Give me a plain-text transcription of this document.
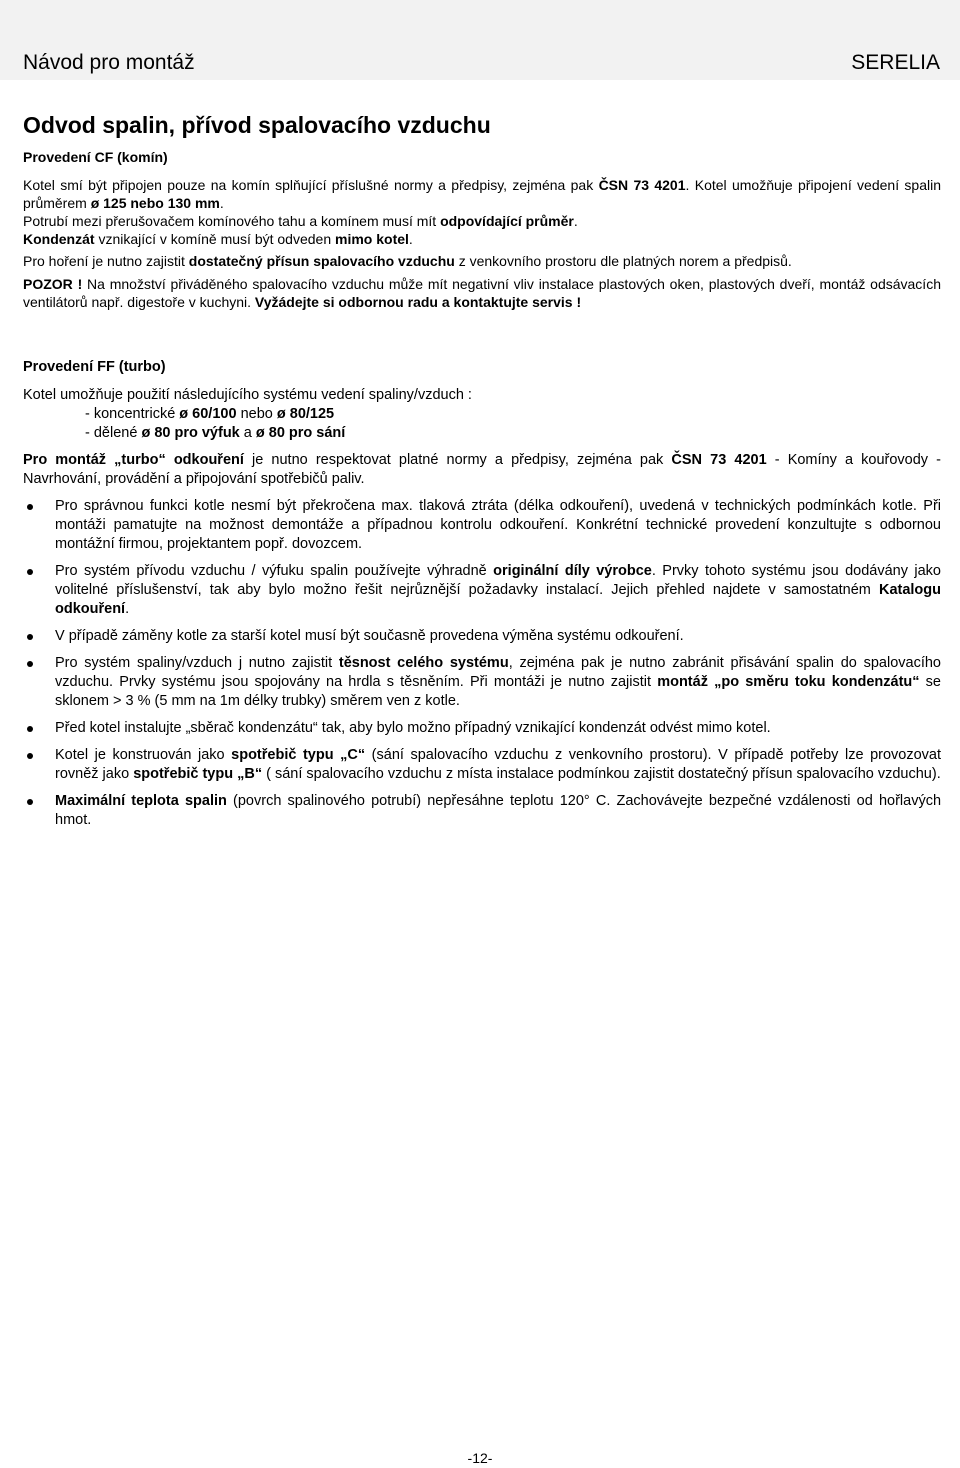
Návod pro montáž	SERELIA
Odvod spalin, přívod spalovacího vzduchu

Provedení CF (komín)

Kotel smí být připojen pouze na komín splňující příslušné normy a předpisy, zejména pak ČSN 73 4201. Kotel umožňuje připojení vedení spalin průměrem ø 125 nebo 130 mm.

Potrubí mezi přerušovačem komínového tahu a komínem musí mít odpovídající průměr.

Kondenzát vznikající v komíně musí být odveden mimo kotel.

Pro hoření je nutno zajistit dostatečný přísun spalovacího vzduchu z venkovního prostoru dle platných norem a předpisů.

POZOR ! Na množství přiváděného spalovacího vzduchu může mít negativní vliv instalace plastových oken, plastových dveří, montáž odsávacích ventilátorů např. digestoře v kuchyni. Vyžádejte si odbornou radu a kontaktujte servis !

Provedení FF (turbo)

Kotel umožňuje použití následujícího systému vedení spaliny/vzduch :

- koncentrické ø 60/100 nebo ø 80/125

- dělené ø 80 pro výfuk a ø 80 pro sání

Pro montáž „turbo“ odkouření je nutno respektovat platné normy a předpisy, zejména pak ČSN 73 4201 - Komíny a kouřovody - Navrhování, provádění a připojování spotřebičů paliv.

Pro správnou funkci kotle nesmí být překročena max. tlaková ztráta (délka odkouření), uvedená v technických podmínkách kotle. Při montáži pamatujte na možnost demontáže a případnou kontrolu odkouření. Konkrétní technické provedení konzultujte s odbornou montážní firmou, projektantem popř. dovozcem.
Pro systém přívodu vzduchu / výfuku spalin používejte výhradně originální díly výrobce. Prvky tohoto systému jsou dodávány jako volitelné příslušenství, tak aby bylo možno řešit nejrůznější požadavky instalací. Jejich přehled najdete v samostatném Katalogu odkouření.
V případě záměny kotle za starší kotel musí být současně provedena výměna systému odkouření.
Pro systém spaliny/vzduch j nutno zajistit těsnost celého systému, zejména pak je nutno zabránit přisávání spalin do spalovacího vzduchu. Prvky systému jsou spojovány na hrdla s těsněním. Při montáži je nutno zajistit montáž „po směru toku kondenzátu“ se sklonem > 3 % (5 mm na 1m délky trubky) směrem ven z kotle.
Před kotel instalujte „sběrač kondenzátu“ tak, aby bylo možno případný vznikající kondenzát odvést mimo kotel.
Kotel je konstruován jako spotřebič typu „C“ (sání spalovacího vzduchu z venkovního prostoru). V případě potřeby lze provozovat rovněž jako spotřebič typu „B“ ( sání spalovacího vzduchu z místa instalace podmínkou zajistit dostatečný přísun spalovacího vzduchu).
Maximální teplota spalin (povrch spalinového potrubí) nepřesáhne teplotu 120° C. Zachovávejte bezpečné vzdálenosti od hořlavých hmot.
-12-
